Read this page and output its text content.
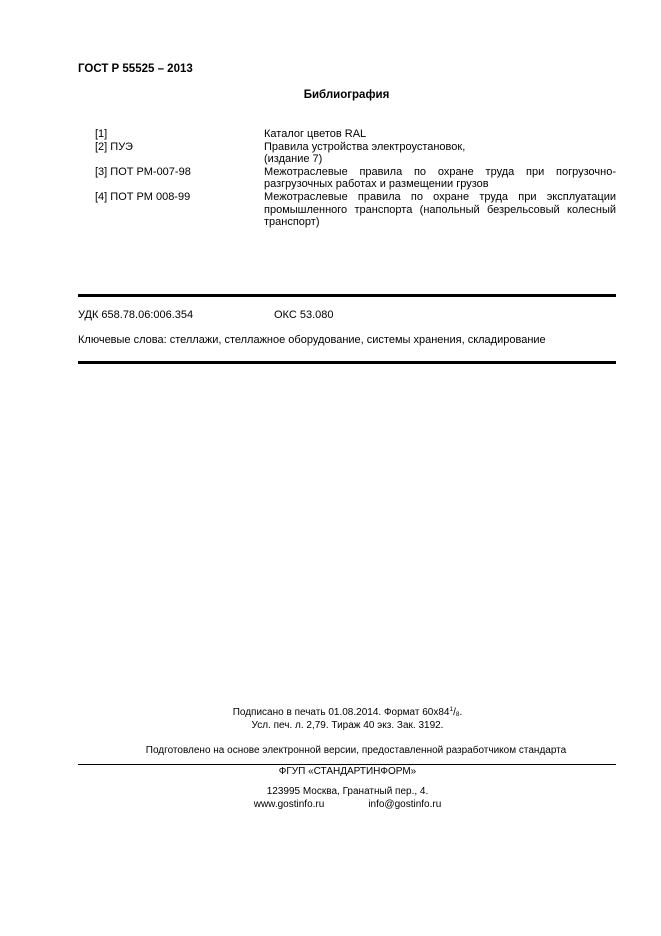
ГОСТ Р 55525 – 2013
Библиография
[1]	Каталог цветов RAL
[2] ПУЭ	Правила устройства электроустановок,
(издание 7)
[3] ПОТ РМ-007-98	Межотраслевые правила по охране труда при погрузочно-разгрузочных работах и размещении грузов
[4] ПОТ РМ 008-99	Межотраслевые правила по охране труда при эксплуатации промышленного транспорта (напольный безрельсовый колесный транспорт)
УДК 658.78.06:006.354	ОКС 53.080
Ключевые слова: стеллажи, стеллажное оборудование, системы хранения, складирование
Подписано в печать 01.08.2014. Формат $60x84^1/_8$.
Усл. печ. л. 2,79. Тираж 40 экз. Зак. 3192.
Подготовлено на основе электронной версии, предоставленной разработчиком стандарта
ФГУП «СТАНДАРТИНФОРМ»
123995 Москва, Гранатный пер., 4.
www.gostinfo.ru	info@gostinfo.ru
